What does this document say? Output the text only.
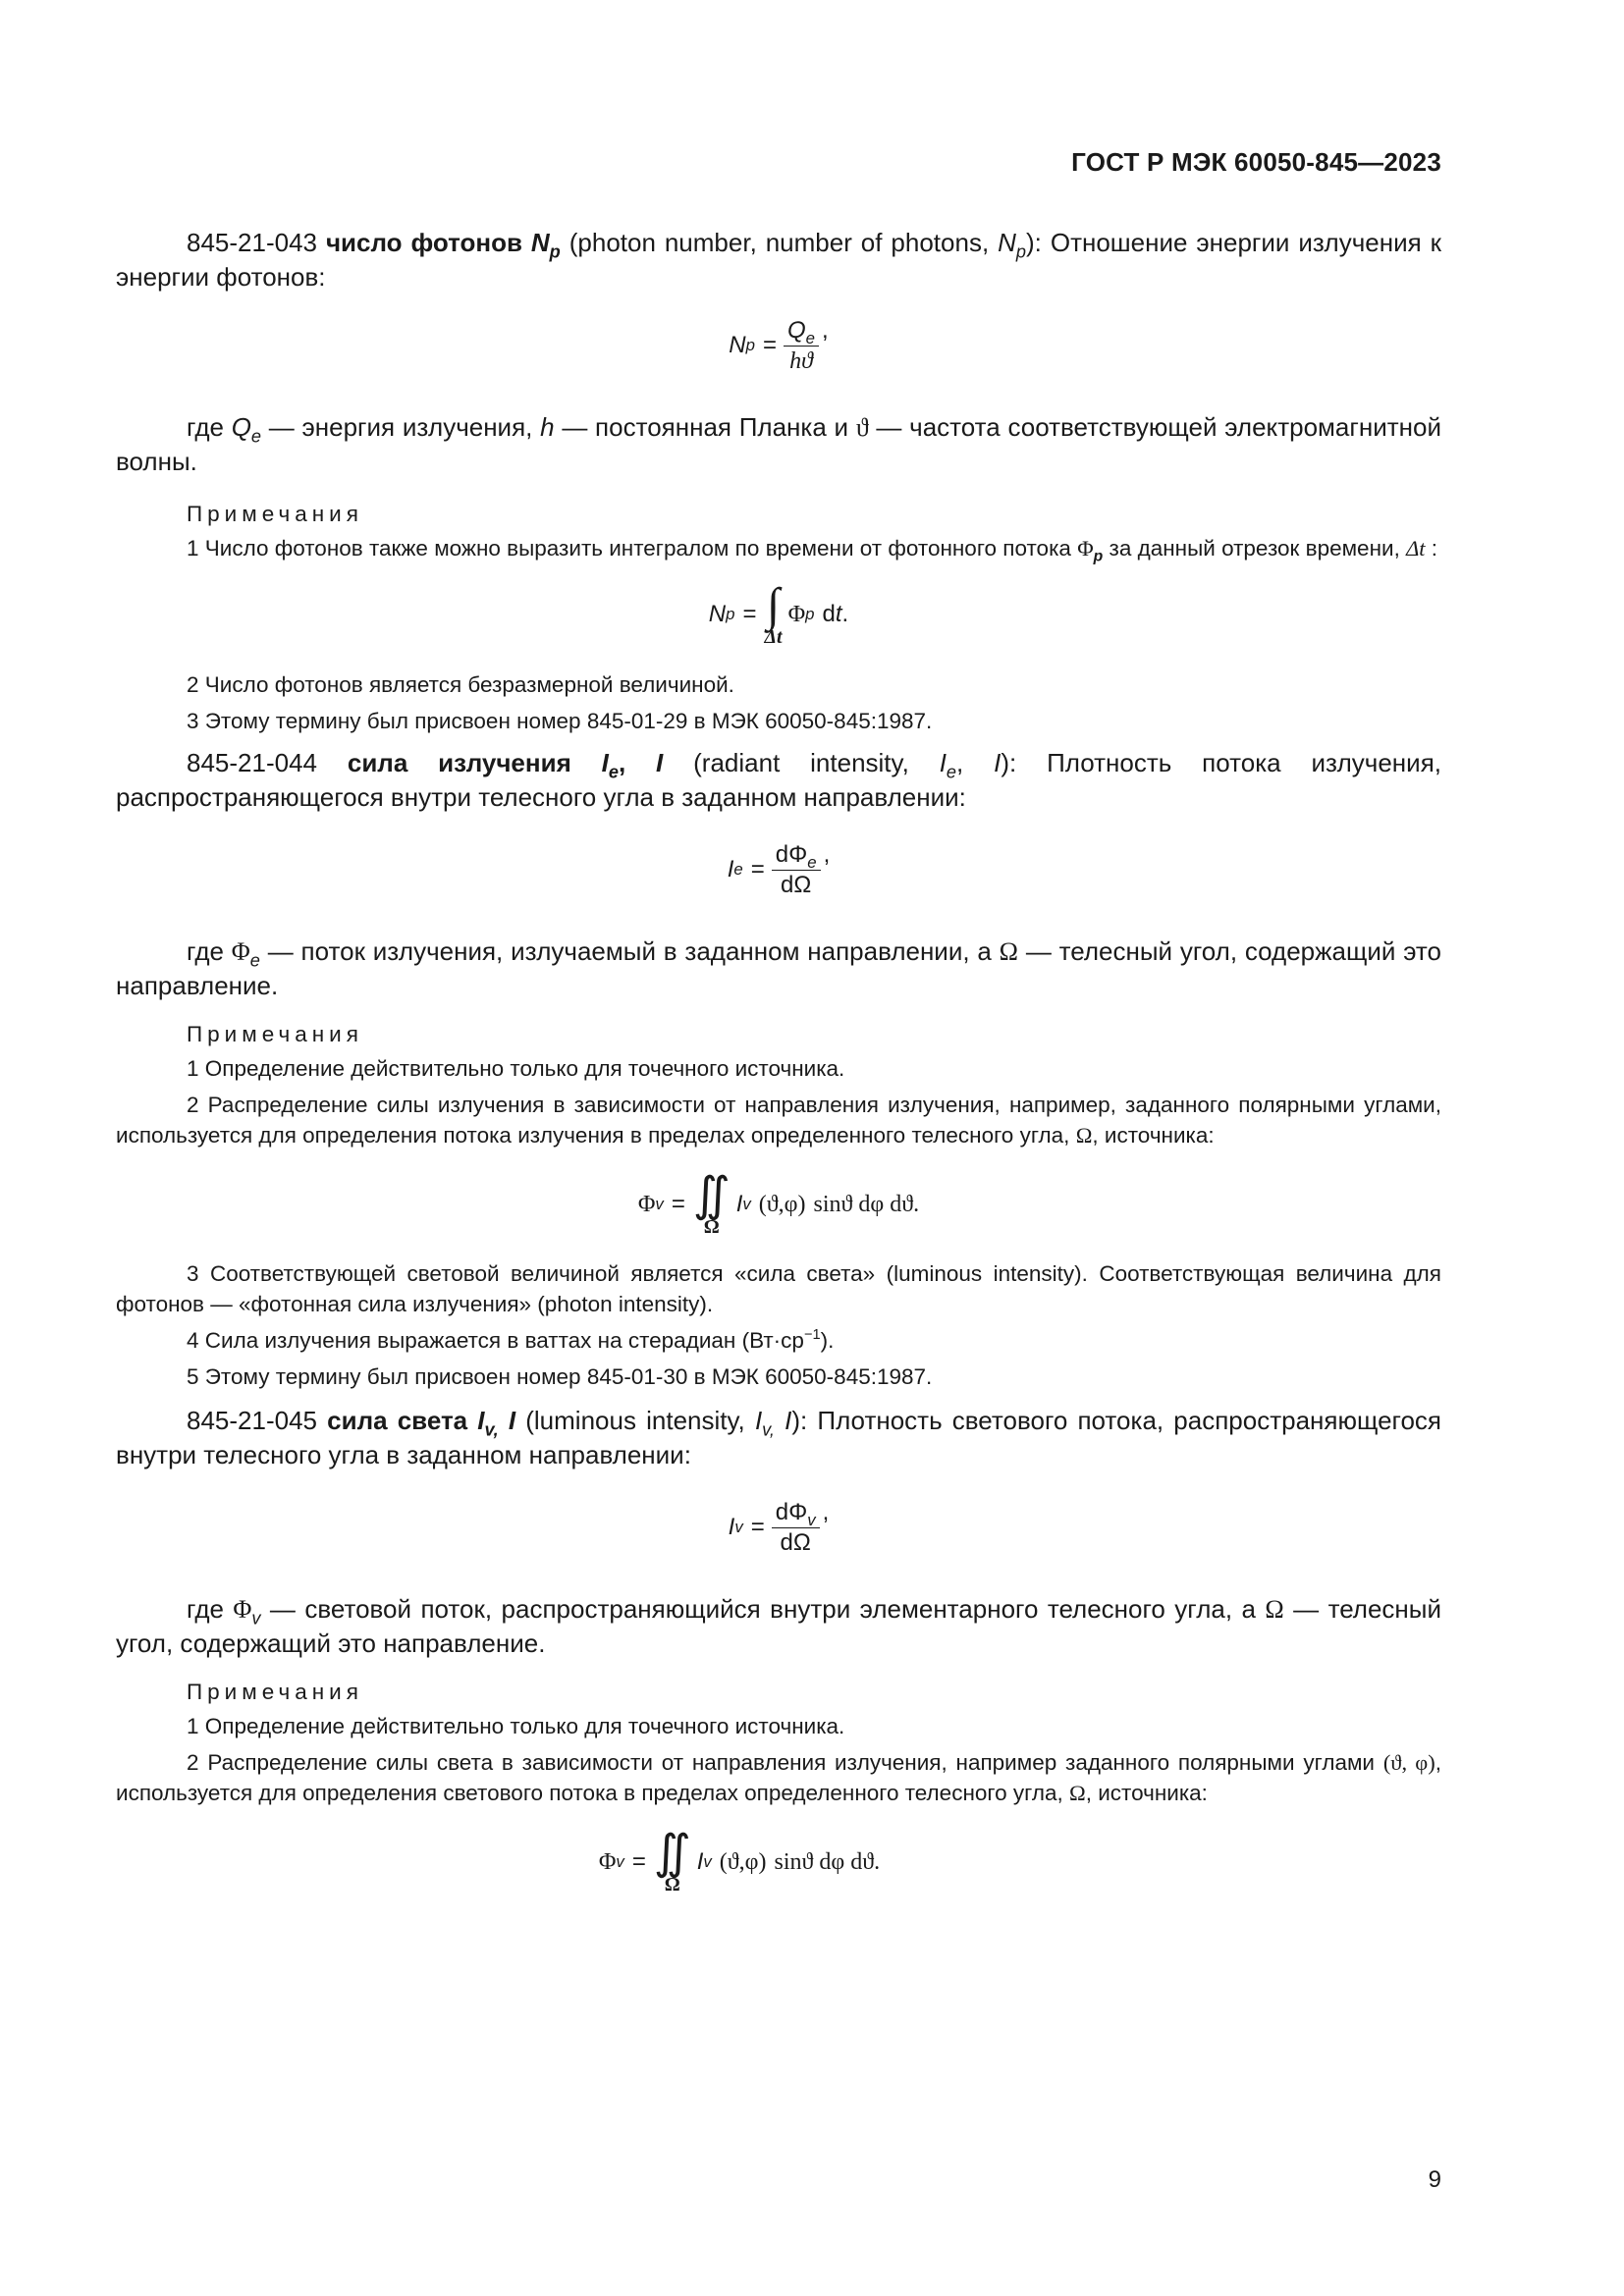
ГОСТ Р МЭК 60050-845—2023

845-21-043 число фотонов $N_p$ (photon number, number of photons, $N_p$): Отношение энергии излучения к энергии фотонов:

N $p = \frac{Q_e}{hϑ}$ ,

где $Q_e$ — энергия излучения, h — постоянная Планка и ϑ — частота соответствующей электромагнитной волны.

Примечания

1 Число фотонов также можно выразить интегралом по времени от фотонного потока $\Phi_p$ за данный отрезок времени, Δt :

N p = ∫
Δt
Φ p d t .

2 Число фотонов является безразмерной величиной.

3 Этому термину был присвоен номер 845-01-29 в МЭК 60050-845:1987.

845-21-044 сила излучения $I_e$, I (radiant intensity, $I_e$, I): Плотность потока излучения, распространяющегося внутри телесного угла в заданном направлении:

I $e = \frac{d\Phi_e}{d\Omega}$ ,

где $\Phi_e$ — поток излучения, излучаемый в заданном направлении, а Ω — телесный угол, содержащий это направление.

Примечания

1 Определение действительно только для точечного источника.

2 Распределение силы излучения в зависимости от направления излучения, например, заданного полярными углами, используется для определения потока излучения в пределах определенного телесного угла, Ω, источника:

Φ v = ∬
Ω
I v (ϑ,φ) sinϑ dφ dϑ.

3 Соответствующей световой величиной является «сила света» (luminous intensity). Соответствующая величина для фотонов — «фотонная сила излучения» (photon intensity).

4 Сила излучения выражается в ваттах на стерадиан $(Вт\cdot ср^{-1})$.

5 Этому термину был присвоен номер 845-01-30 в МЭК 60050-845:1987.

845-21-045 сила света $I_{v,}$ I (luminous intensity, $I_{v,}$ I): Плотность светового потока, распространяющегося внутри телесного угла в заданном направлении:

I $v = \frac{d\Phi_v}{d\Omega}$ ,

где $\Phi_v$ — световой поток, распространяющийся внутри элементарного телесного угла, а Ω — телесный угол, содержащий это направление.

Примечания

1 Определение действительно только для точечного источника.

2 Распределение силы света в зависимости от направления излучения, например заданного полярными углами (ϑ, φ), используется для определения светового потока в пределах определенного телесного угла, Ω, источника:

Φ v = ∬
Ω
I v (ϑ,φ) sinϑ dφ dϑ.
9
